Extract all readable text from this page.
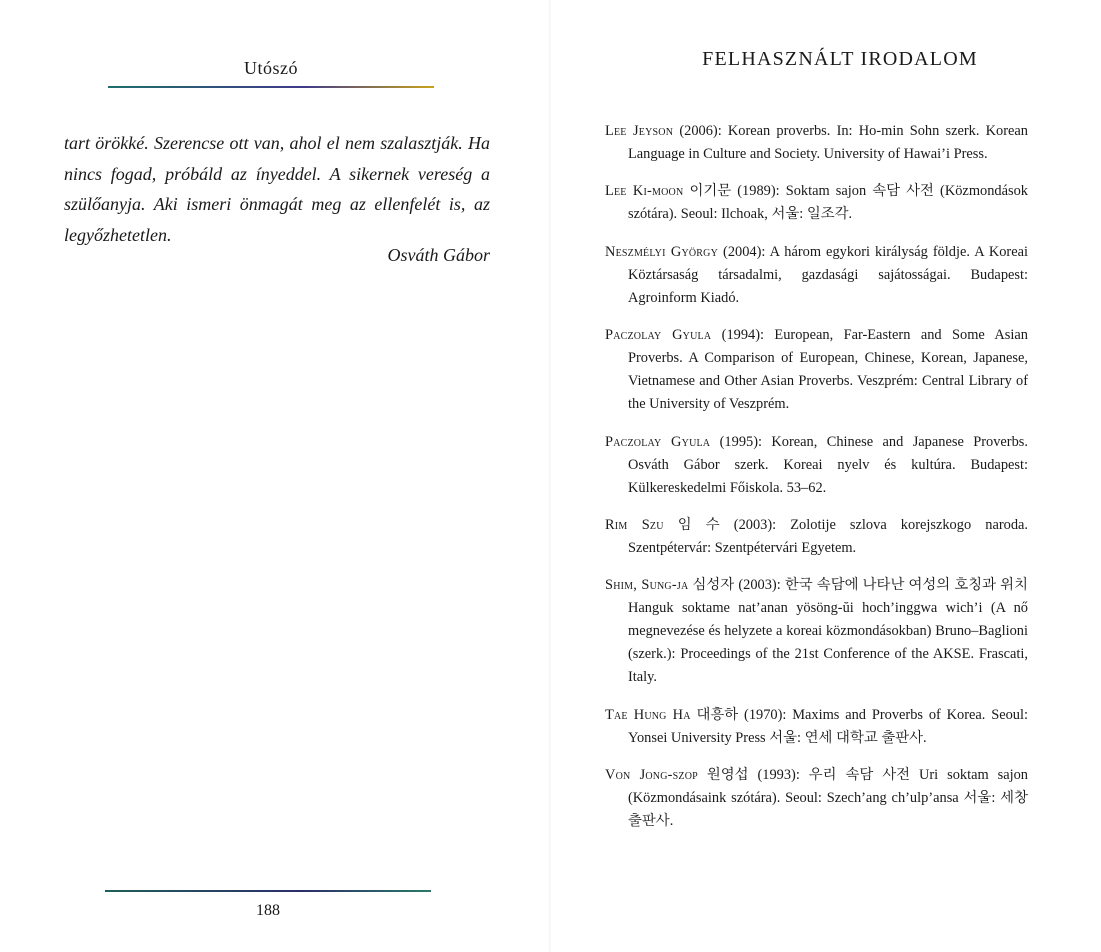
Utószó

tart örökké. Szerencse ott van, ahol el nem szalasztják. Ha nincs fogad, próbáld az ínyeddel. A sikernek vereség a szülőanyja. Aki ismeri önmagát meg az ellenfelét is, az legyőzhetetlen.

Osváth Gábor
188
FELHASZNÁLT IRODALOM

Lee Jeyson (2006): Korean proverbs. In: Ho-min Sohn szerk. Korean Language in Culture and Society. University of Hawai’i Press.

Lee Ki-moon 이기문 (1989): Soktam sajon 속담 사전 (Közmondások szótára). Seoul: Ilchoak, 서울: 일조각.

Neszmélyi György (2004): A három egykori királyság földje. A Koreai Köztársaság társadalmi, gazdasági sajátosságai. Budapest: Agroinform Kiadó.

Paczolay Gyula (1994): European, Far-Eastern and Some Asian Proverbs. A Comparison of European, Chinese, Korean, Japanese, Vietnamese and Other Asian Proverbs. Veszprém: Central Library of the University of Veszprém.

Paczolay Gyula (1995): Korean, Chinese and Japanese Proverbs. Osváth Gábor szerk. Koreai nyelv és kultúra. Budapest: Külkereskedelmi Főiskola. 53–62.

Rim Szu 임 수 (2003): Zolotije szlova korejszkogo naroda. Szentpétervár: Szentpétervári Egyetem.

Shim, Sung-ja 심성자 (2003): 한국 속담에 나타난 여성의 호칭과 위치 Hanguk soktame nat’anan yösöng-ŭi hoch’inggwa wich’i (A nő megnevezése és helyzete a koreai közmondásokban) Bruno–Baglioni (szerk.): Proceedings of the 21st Conference of the AKSE. Frascati, Italy.

Tae Hung Ha 대흥하 (1970): Maxims and Proverbs of Korea. Seoul: Yonsei University Press 서울: 연세 대학교 출판사.

Von Jong-szop 원영섭 (1993): 우리 속담 사전 Uri soktam sajon (Közmondásaink szótára). Seoul: Szech’ang ch’ulp’ansa 서울: 세창출판사.
